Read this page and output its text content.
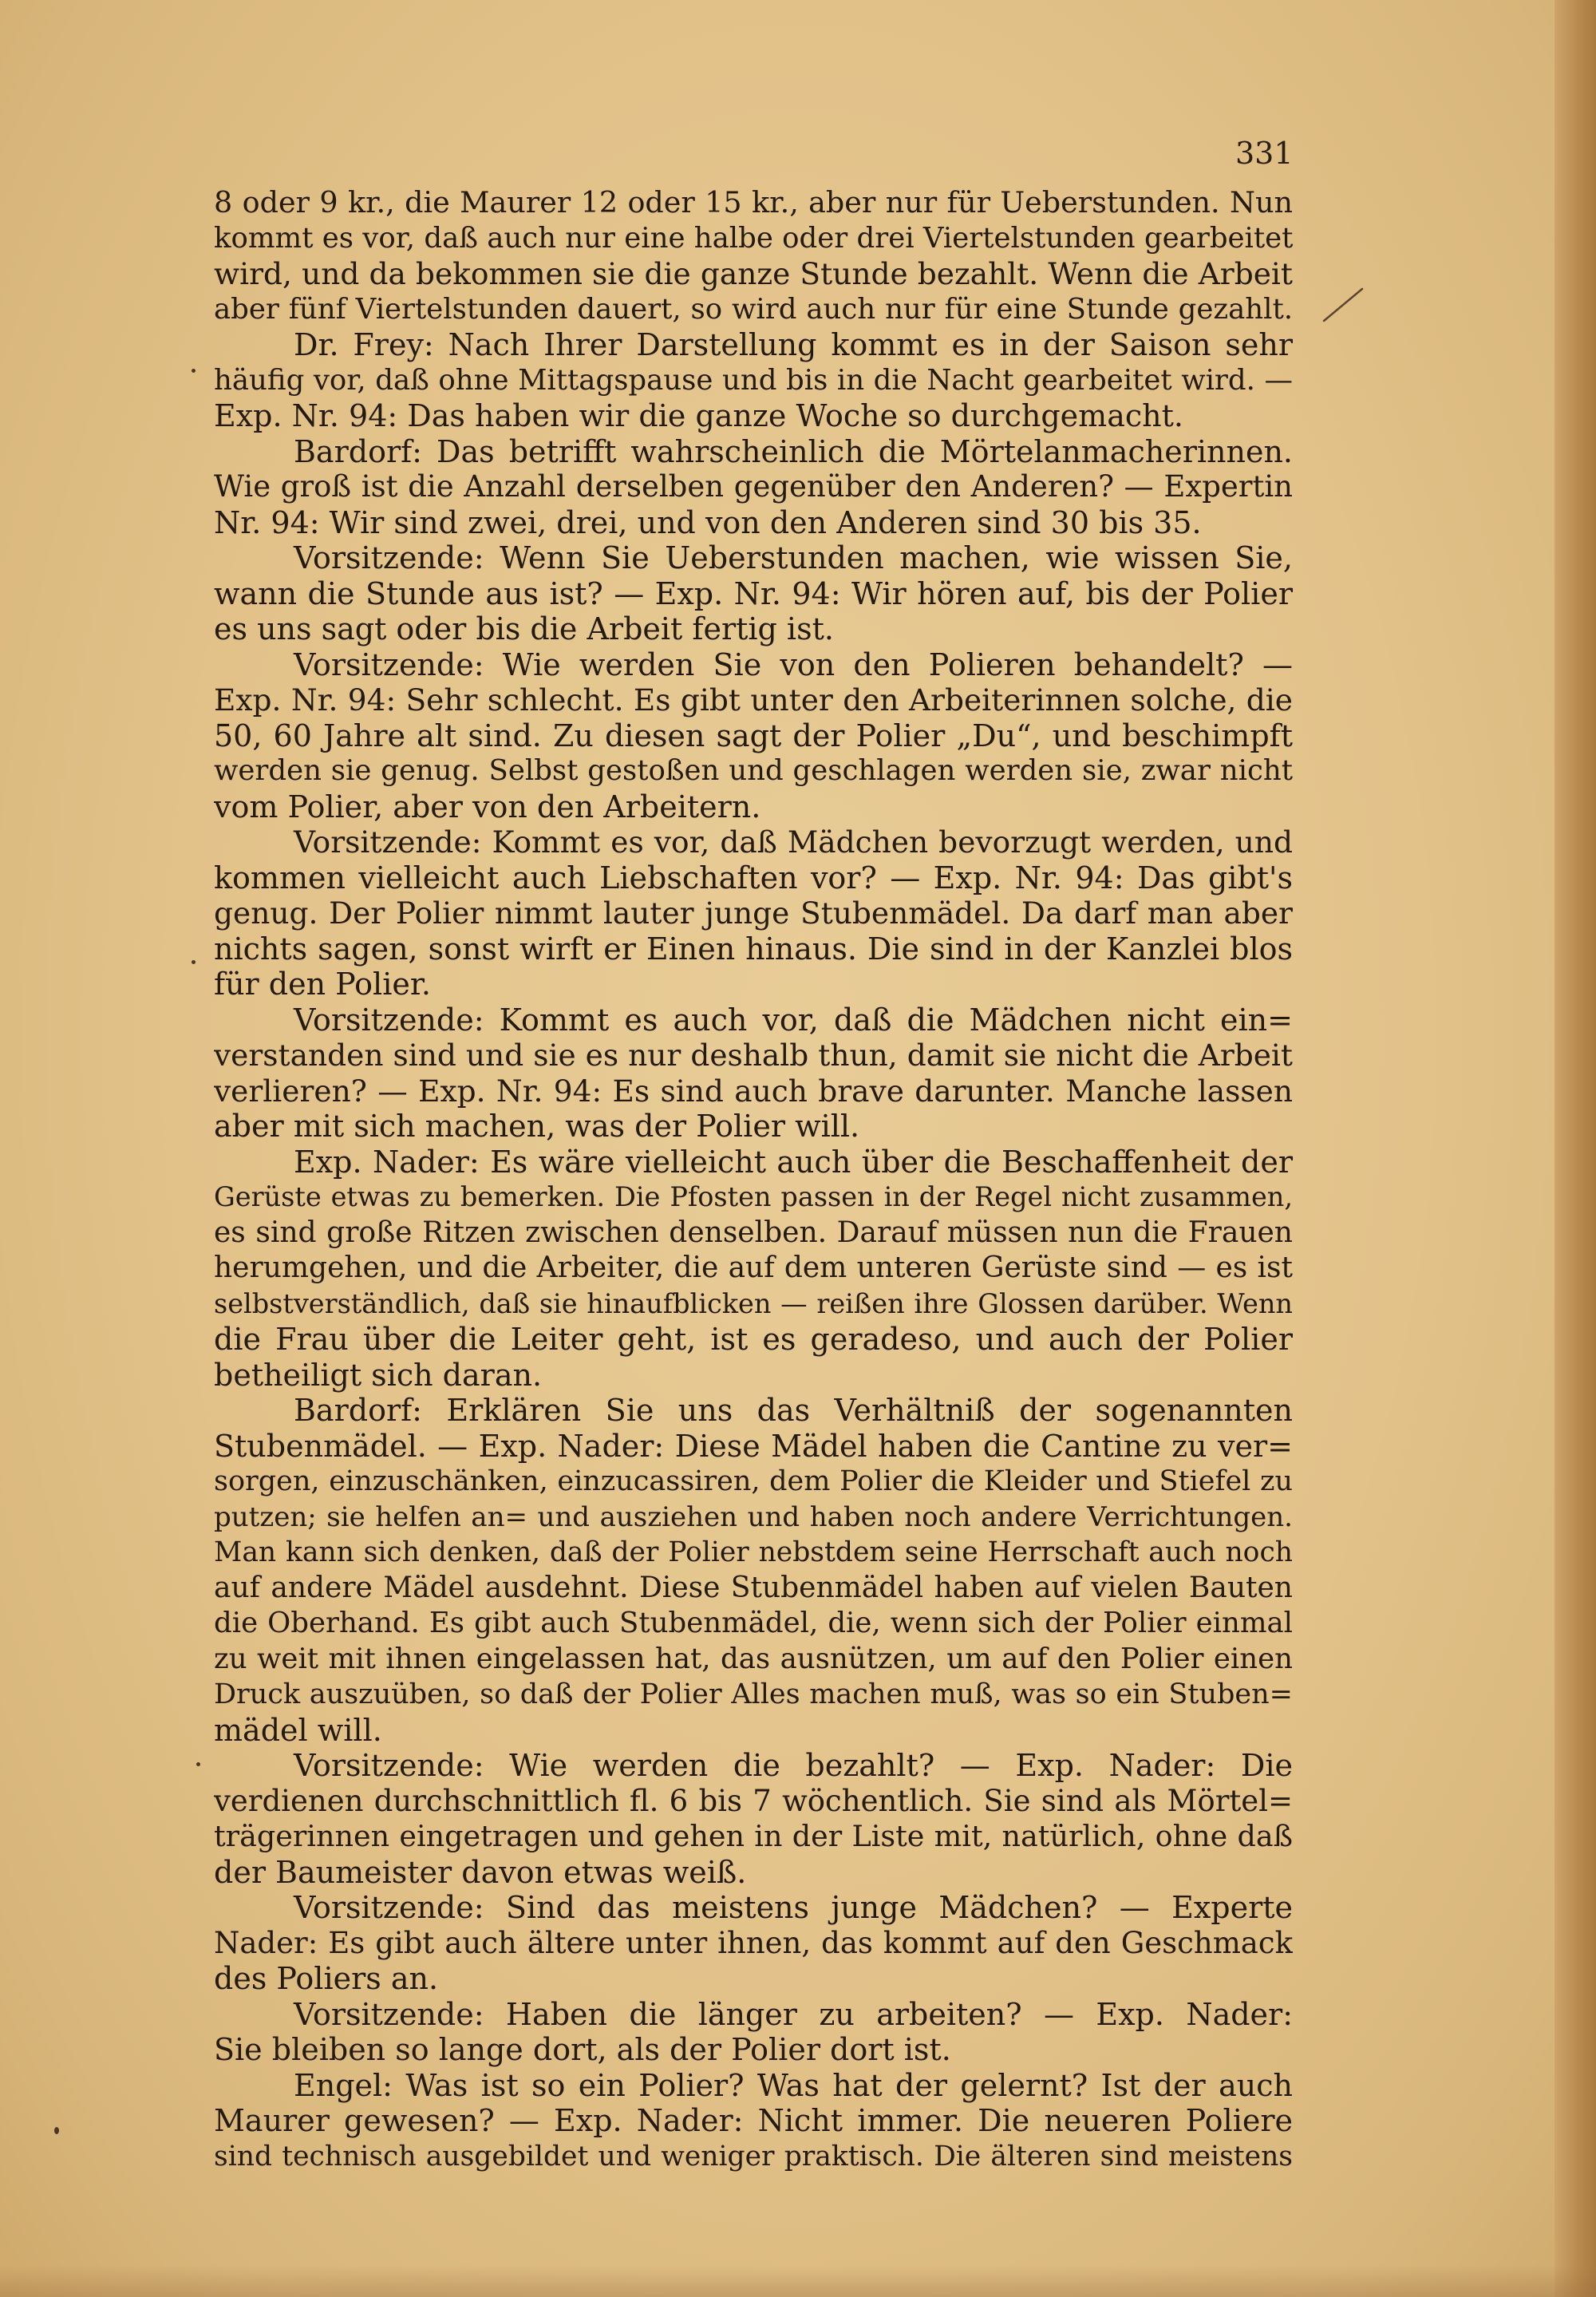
331
8 oder 9 kr., die Maurer 12 oder 15 kr., aber nur für Ueberstunden. Nun
kommt es vor, daß auch nur eine halbe oder drei Viertelstunden gearbeitet
wird, und da bekommen sie die ganze Stunde bezahlt. Wenn die Arbeit
aber fünf Viertelstunden dauert, so wird auch nur für eine Stunde gezahlt.
Dr. Frey: Nach Ihrer Darstellung kommt es in der Saison sehr
häufig vor, daß ohne Mittagspause und bis in die Nacht gearbeitet wird. —
Exp. Nr. 94: Das haben wir die ganze Woche so durchgemacht.
Bardorf: Das betrifft wahrscheinlich die Mörtelanmacherinnen.
Wie groß ist die Anzahl derselben gegenüber den Anderen? — Expertin
Nr. 94: Wir sind zwei, drei, und von den Anderen sind 30 bis 35.
Vorsitzende: Wenn Sie Ueberstunden machen, wie wissen Sie,
wann die Stunde aus ist? — Exp. Nr. 94: Wir hören auf, bis der Polier
es uns sagt oder bis die Arbeit fertig ist.
Vorsitzende: Wie werden Sie von den Polieren behandelt? —
Exp. Nr. 94: Sehr schlecht. Es gibt unter den Arbeiterinnen solche, die
50, 60 Jahre alt sind. Zu diesen sagt der Polier „Du“, und beschimpft
werden sie genug. Selbst gestoßen und geschlagen werden sie, zwar nicht
vom Polier, aber von den Arbeitern.
Vorsitzende: Kommt es vor, daß Mädchen bevorzugt werden, und
kommen vielleicht auch Liebschaften vor? — Exp. Nr. 94: Das gibt's
genug. Der Polier nimmt lauter junge Stubenmädel. Da darf man aber
nichts sagen, sonst wirft er Einen hinaus. Die sind in der Kanzlei blos
für den Polier.
Vorsitzende: Kommt es auch vor, daß die Mädchen nicht ein=
verstanden sind und sie es nur deshalb thun, damit sie nicht die Arbeit
verlieren? — Exp. Nr. 94: Es sind auch brave darunter. Manche lassen
aber mit sich machen, was der Polier will.
Exp. Nader: Es wäre vielleicht auch über die Beschaffenheit der
Gerüste etwas zu bemerken. Die Pfosten passen in der Regel nicht zusammen,
es sind große Ritzen zwischen denselben. Darauf müssen nun die Frauen
herumgehen, und die Arbeiter, die auf dem unteren Gerüste sind — es ist
selbstverständlich, daß sie hinaufblicken — reißen ihre Glossen darüber. Wenn
die Frau über die Leiter geht, ist es geradeso, und auch der Polier
betheiligt sich daran.
Bardorf: Erklären Sie uns das Verhältniß der sogenannten
Stubenmädel. — Exp. Nader: Diese Mädel haben die Cantine zu ver=
sorgen, einzuschänken, einzucassiren, dem Polier die Kleider und Stiefel zu
putzen; sie helfen an= und ausziehen und haben noch andere Verrichtungen.
Man kann sich denken, daß der Polier nebstdem seine Herrschaft auch noch
auf andere Mädel ausdehnt. Diese Stubenmädel haben auf vielen Bauten
die Oberhand. Es gibt auch Stubenmädel, die, wenn sich der Polier einmal
zu weit mit ihnen eingelassen hat, das ausnützen, um auf den Polier einen
Druck auszuüben, so daß der Polier Alles machen muß, was so ein Stuben=
mädel will.
Vorsitzende: Wie werden die bezahlt? — Exp. Nader: Die
verdienen durchschnittlich fl. 6 bis 7 wöchentlich. Sie sind als Mörtel=
trägerinnen eingetragen und gehen in der Liste mit, natürlich, ohne daß
der Baumeister davon etwas weiß.
Vorsitzende: Sind das meistens junge Mädchen? — Experte
Nader: Es gibt auch ältere unter ihnen, das kommt auf den Geschmack
des Poliers an.
Vorsitzende: Haben die länger zu arbeiten? — Exp. Nader:
Sie bleiben so lange dort, als der Polier dort ist.
Engel: Was ist so ein Polier? Was hat der gelernt? Ist der auch
Maurer gewesen? — Exp. Nader: Nicht immer. Die neueren Poliere
sind technisch ausgebildet und weniger praktisch. Die älteren sind meistens
